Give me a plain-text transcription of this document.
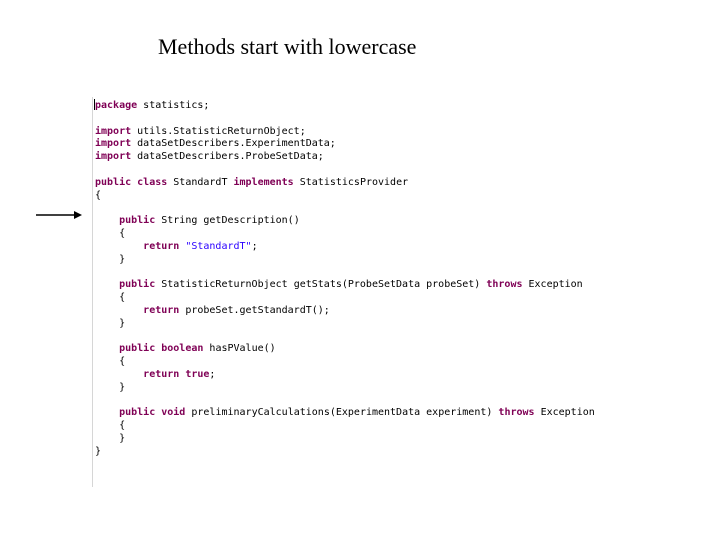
Methods start with lowercase
package statistics;
import utils.StatisticReturnObject;
import dataSetDescribers.ExperimentData;
import dataSetDescribers.ProbeSetData;
public class StandardT implements StatisticsProvider
{
public String getDescription()
{
return "StandardT";
}
public StatisticReturnObject getStats(ProbeSetData probeSet) throws Exception
{
return probeSet.getStandardT();
}
public boolean hasPValue()
{
return true;
}
public void preliminaryCalculations(ExperimentData experiment) throws Exception
{
}
}
